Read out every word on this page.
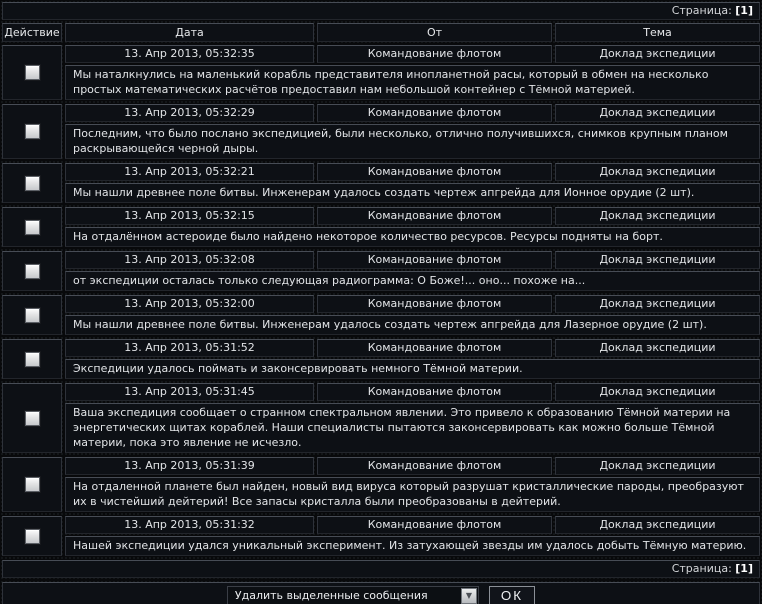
Страница: [1]
Действие	Дата	От	Тема
13. Апр 2013, 05:32:35	Командование флотом	Доклад экспедиции
Мы наталкнулись на маленький корабль представителя инопланетной расы, который в обмен на несколько простых математических расчётов предоставил нам небольшой контейнер с Тёмной материей.
13. Апр 2013, 05:32:29	Командование флотом	Доклад экспедиции
Последним, что было послано экспедицией, были несколько, отлично получившихся, снимков крупным планом раскрывающейся черной дыры.
13. Апр 2013, 05:32:21	Командование флотом	Доклад экспедиции
Мы нашли древнее поле битвы. Инженерам удалось создать чертеж апгрейда для Ионное орудие (2 шт).
13. Апр 2013, 05:32:15	Командование флотом	Доклад экспедиции
На отдалённом астероиде было найдено некоторое количество ресурсов. Ресурсы подняты на борт.
13. Апр 2013, 05:32:08	Командование флотом	Доклад экспедиции
от экспедиции осталась только следующая радиограмма: О Боже!... оно... похоже на...
13. Апр 2013, 05:32:00	Командование флотом	Доклад экспедиции
Мы нашли древнее поле битвы. Инженерам удалось создать чертеж апгрейда для Лазерное орудие (2 шт).
13. Апр 2013, 05:31:52	Командование флотом	Доклад экспедиции
Экспедиции удалось поймать и законсервировать немного Тёмной материи.
13. Апр 2013, 05:31:45	Командование флотом	Доклад экспедиции
Ваша экспедиция сообщает о странном спектральном явлении. Это привело к образованию Тёмной материи на энергетических щитах кораблей. Наши специалисты пытаются законсервировать как можно больше Тёмной материи, пока это явление не исчезло.
13. Апр 2013, 05:31:39	Командование флотом	Доклад экспедиции
На отдаленной планете был найден, новый вид вируса который разрушат кристаллические пароды, преобразуют их в чистейший дейтерий! Все запасы кристалла были преобразованы в дейтерий.
13. Апр 2013, 05:31:32	Командование флотом	Доклад экспедиции
Нашей экспедиции удался уникальный эксперимент. Из затухающей звезды им удалось добыть Тёмную материю.
Страница: [1]
Удалить выделенные сообщения	▼	ОК
